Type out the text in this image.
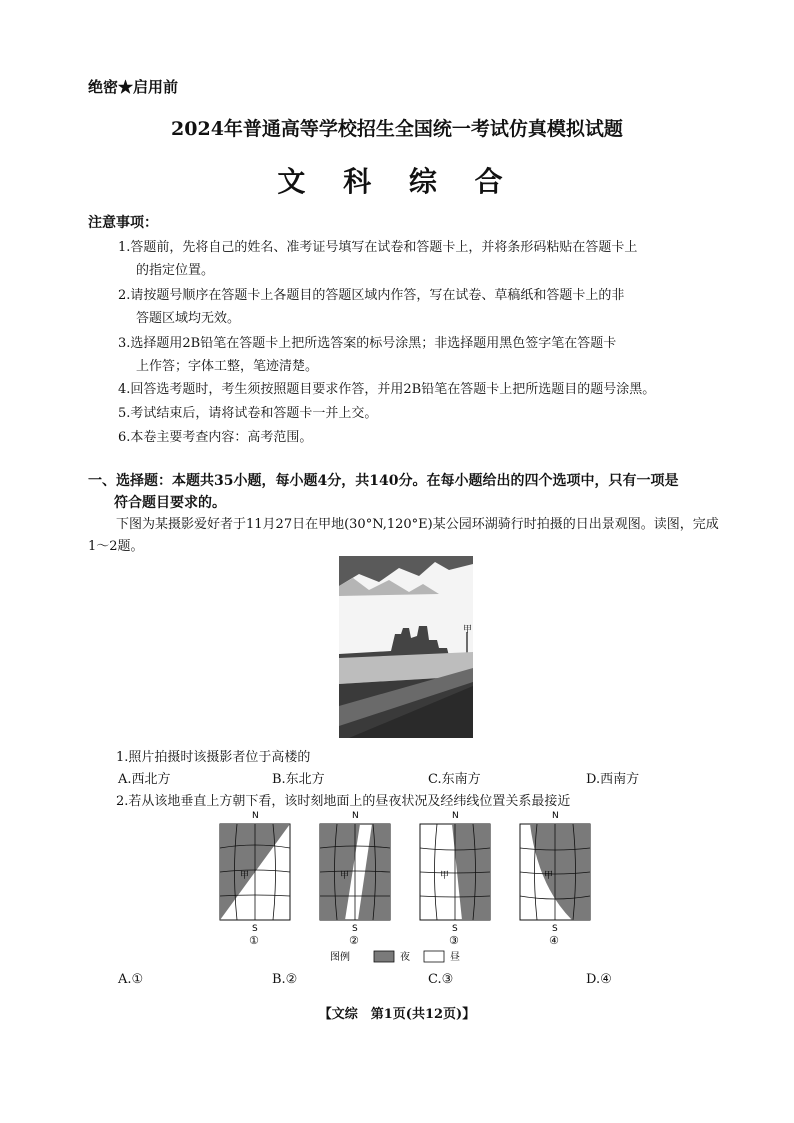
绝密★启用前
2024年普通高等学校招生全国统一考试仿真模拟试题
文 科 综 合
注意事项：
1.答题前，先将自己的姓名、准考证号填写在试卷和答题卡上，并将条形码粘贴在答题卡上
的指定位置。
2.请按题号顺序在答题卡上各题目的答题区域内作答，写在试卷、草稿纸和答题卡上的非
答题区域均无效。
3.选择题用2B铅笔在答题卡上把所选答案的标号涂黑；非选择题用黑色签字笔在答题卡
上作答；字体工整，笔迹清楚。
4.回答选考题时，考生须按照题目要求作答，并用2B铅笔在答题卡上把所选题目的题号涂黑。
5.考试结束后，请将试卷和答题卡一并上交。
6.本卷主要考查内容：高考范围。
一、选择题：本题共35小题，每小题4分，共140分。在每小题给出的四个选项中，只有一项是
符合题目要求的。
下图为某摄影爱好者于11月27日在甲地(30°N,120°E)某公园环湖骑行时拍摄的日出景观图。读图，完成1～2题。
甲
1.照片拍摄时该摄影者位于高楼的
A.西北方	B.东北方	C.东南方	D.西南方
2.若从该地垂直上方朝下看，该时刻地面上的昼夜状况及经纬线位置关系最接近
N
甲
S
①
N
甲
S
②
N
甲
S
③
N
甲
S
④
图例	夜	昼
A.①	B.②	C.③	D.④
【文综　第1页(共12页)】
